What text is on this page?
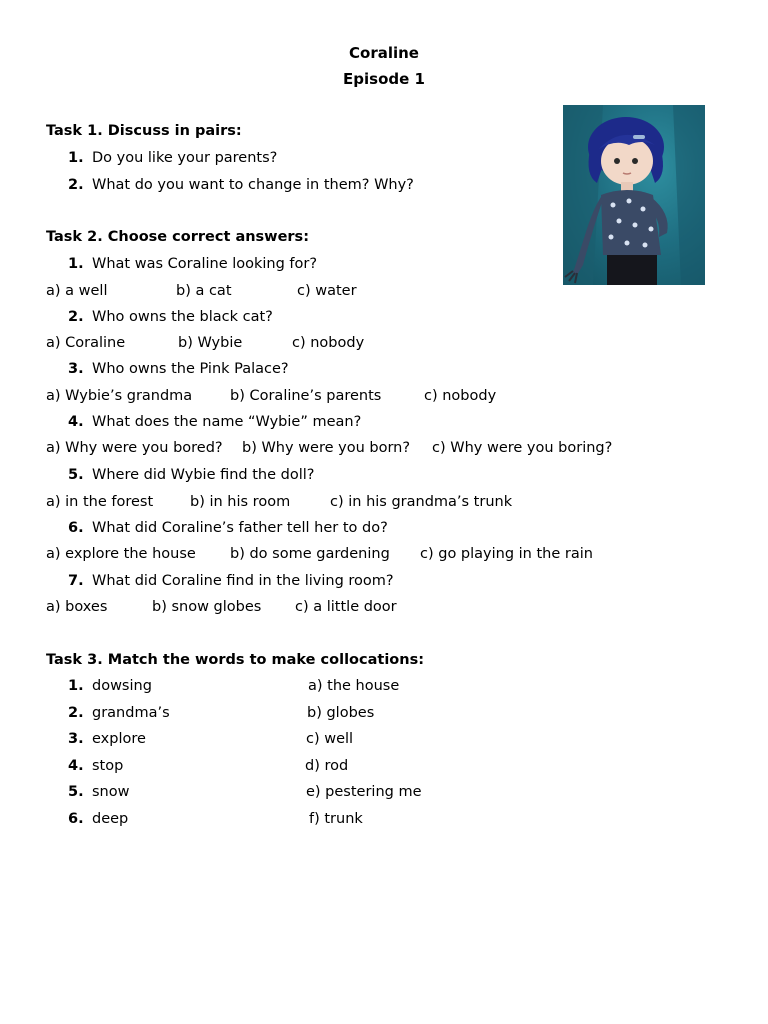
Coraline
Episode 1
Task 1. Discuss in pairs:
1. Do you like your parents?
2. What do you want to change in them? Why?
Task 2. Choose correct answers:
1. What was Coraline looking for?
a) a well	b) a cat	c) water
2. Who owns the black cat?
a) Coraline	b) Wybie	c) nobody
3. Who owns the Pink Palace?
a) Wybie’s grandma	b) Coraline’s parents	c) nobody
4. What does the name “Wybie” mean?
a) Why were you bored? b) Why were you born? c) Why were you boring?
5. Where did Wybie find the doll?
a) in the forest	b) in his room	c) in his grandma’s trunk
6. What did Coraline’s father tell her to do?
a) explore the house b) do some gardening c) go playing in the rain
7. What did Coraline find in the living room?
a) boxes	b) snow globes c) a little door
Task 3. Match the words to make collocations:
1. dowsing	a) the house
2. grandma’s	b) globes
3. explore	c) well
4. stop	d) rod
5. snow	e) pestering me
6. deep	f) trunk
